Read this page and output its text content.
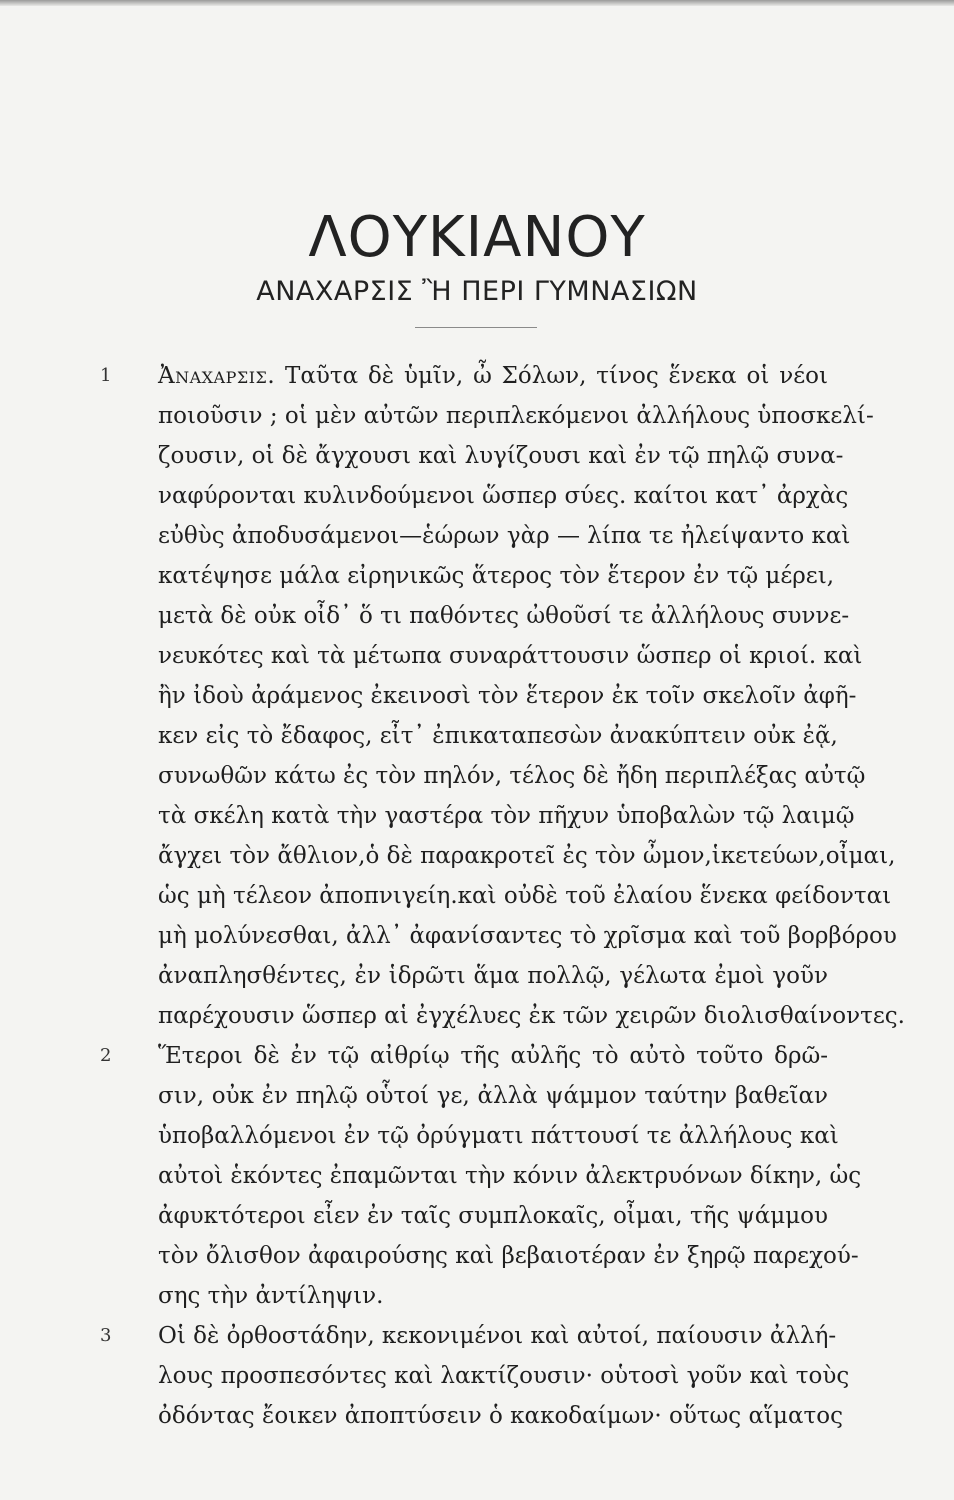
ΛΟΥΚΙΑΝΟΥ
ΑΝΑΧΑΡΣΙΣ Ἢ ΠΕΡΙ ΓΥΜΝΑΣΙΩΝ
1 Ἀναχαρσις. Ταῦτα δὲ ὑμῖν, ὦ Σόλων, τίνος ἕνεκα οἱ νέοι
ποιοῦσιν ; οἱ μὲν αὐτῶν περιπλεκόμενοι ἀλλήλους ὑποσκελί-
ζουσιν, οἱ δὲ ἄγχουσι καὶ λυγίζουσι καὶ ἐν τῷ πηλῷ συνα-
ναφύρονται κυλινδούμενοι ὥσπερ σύες. καίτοι κατ᾽ ἀρχὰς
εὐθὺς ἀποδυσάμενοι—ἑώρων γὰρ — λίπα τε ἠλείψαντο καὶ
κατέψησε μάλα εἰρηνικῶς ἅτερος τὸν ἕτερον ἐν τῷ μέρει,
μετὰ δὲ οὐκ οἶδ᾽ ὅ τι παθόντες ὠθοῦσί τε ἀλλήλους συννε-
νευκότες καὶ τὰ μέτωπα συναράττουσιν ὥσπερ οἱ κριοί. καὶ
ἢν ἰδοὺ ἀράμενος ἐκεινοσὶ τὸν ἕτερον ἐκ τοῖν σκελοῖν ἀφῆ-
κεν εἰς τὸ ἔδαφος, εἶτ᾽ ἐπικαταπεσὼν ἀνακύπτειν οὐκ ἐᾷ,
συνωθῶν κάτω ἐς τὸν πηλόν, τέλος δὲ ἤδη περιπλέξας αὐτῷ
τὰ σκέλη κατὰ τὴν γαστέρα τὸν πῆχυν ὑποβαλὼν τῷ λαιμῷ
ἄγχει τὸν ἄθλιον,ὁ δὲ παρακροτεῖ ἐς τὸν ὦμον,ἱκετεύων,οἶμαι,
ὡς μὴ τέλεον ἀποπνιγείη.καὶ οὐδὲ τοῦ ἐλαίου ἕνεκα φείδονται
μὴ μολύνεσθαι, ἀλλ᾽ ἀφανίσαντες τὸ χρῖσμα καὶ τοῦ βορβόρου
ἀναπλησθέντες, ἐν ἱδρῶτι ἅμα πολλῷ, γέλωτα ἐμοὶ γοῦν
παρέχουσιν ὥσπερ αἱ ἐγχέλυες ἐκ τῶν χειρῶν διολισθαίνοντες.
2 Ἕτεροι δὲ ἐν τῷ αἰθρίῳ τῆς αὐλῆς τὸ αὐτὸ τοῦτο δρῶ-
σιν, οὐκ ἐν πηλῷ οὗτοί γε, ἀλλὰ ψάμμον ταύτην βαθεῖαν
ὑποβαλλόμενοι ἐν τῷ ὀρύγματι πάττουσί τε ἀλλήλους καὶ
αὐτοὶ ἑκόντες ἐπαμῶνται τὴν κόνιν ἀλεκτρυόνων δίκην, ὡς
ἀφυκτότεροι εἶεν ἐν ταῖς συμπλοκαῖς, οἶμαι, τῆς ψάμμου
τὸν ὄλισθον ἀφαιρούσης καὶ βεβαιοτέραν ἐν ξηρῷ παρεχού-
σης τὴν ἀντίληψιν.
3 Οἱ δὲ ὀρθοστάδην, κεκονιμένοι καὶ αὐτοί, παίουσιν ἀλλή-
λους προσπεσόντες καὶ λακτίζουσιν· οὑτοσὶ γοῦν καὶ τοὺς
ὀδόντας ἔοικεν ἀποπτύσειν ὁ κακοδαίμων· οὕτως αἵματος
